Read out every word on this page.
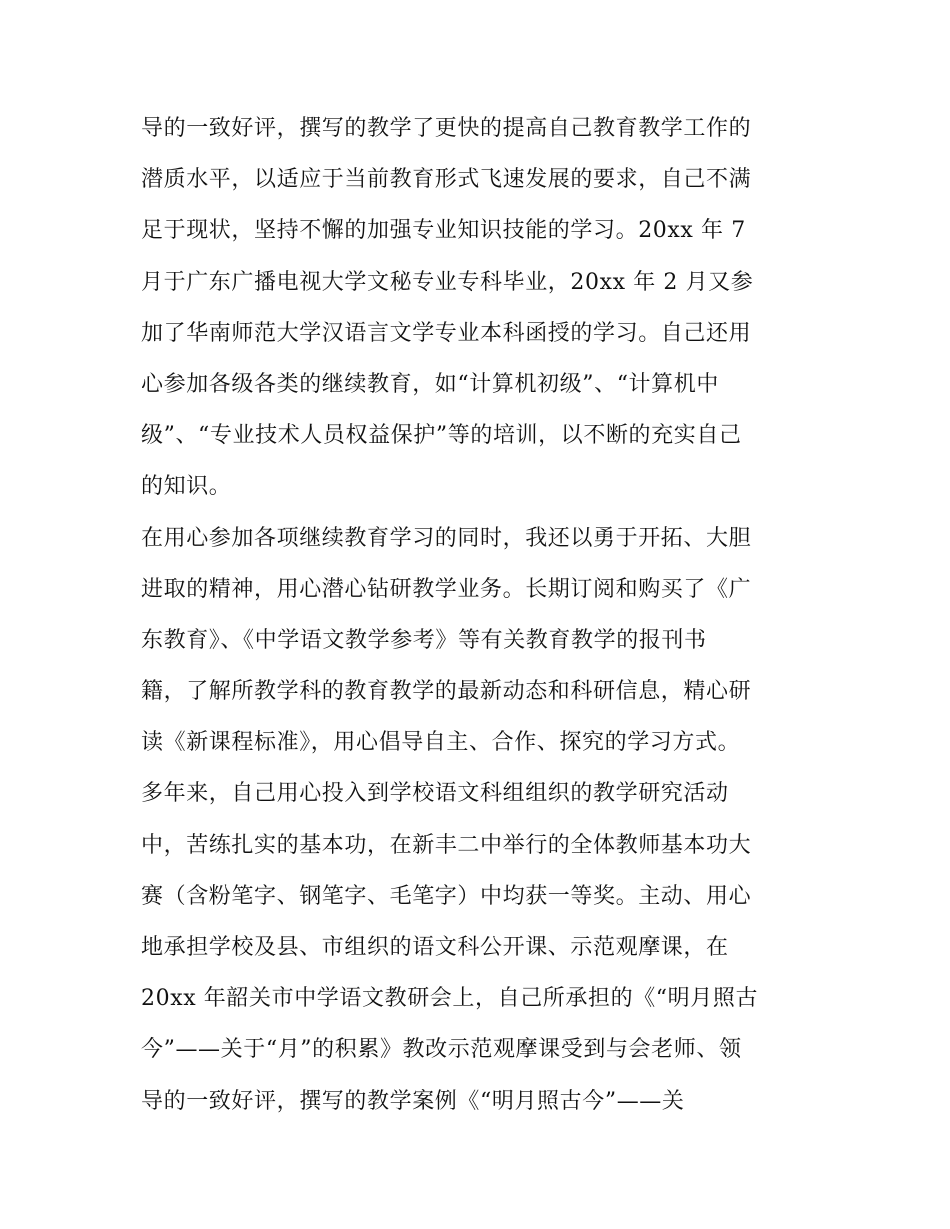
导的一致好评，撰写的教学了更快的提高自己教育教学工作的
潜质水平，以适应于当前教育形式飞速发展的要求，自己不满
足于现状，坚持不懈的加强专业知识技能的学习。20xx 年 7
月于广东广播电视大学文秘专业专科毕业，20xx 年 2 月又参
加了华南师范大学汉语言文学专业本科函授的学习。自己还用
心参加各级各类的继续教育，如“计算机初级”、“计算机中
级”、“专业技术人员权益保护”等的培训，以不断的充实自己
的知识。
在用心参加各项继续教育学习的同时，我还以勇于开拓、大胆
进取的精神，用心潜心钻研教学业务。长期订阅和购买了《广
东教育》、《中学语文教学参考》等有关教育教学的报刊书
籍，了解所教学科的教育教学的最新动态和科研信息，精心研
读《新课程标准》，用心倡导自主、合作、探究的学习方式。
多年来，自己用心投入到学校语文科组组织的教学研究活动
中，苦练扎实的基本功，在新丰二中举行的全体教师基本功大
赛（含粉笔字、钢笔字、毛笔字）中均获一等奖。主动、用心
地承担学校及县、市组织的语文科公开课、示范观摩课，在
20xx 年韶关市中学语文教研会上，自己所承担的《“明月照古
今”——关于“月”的积累》教改示范观摩课受到与会老师、领
导的一致好评，撰写的教学案例《“明月照古今”——关
